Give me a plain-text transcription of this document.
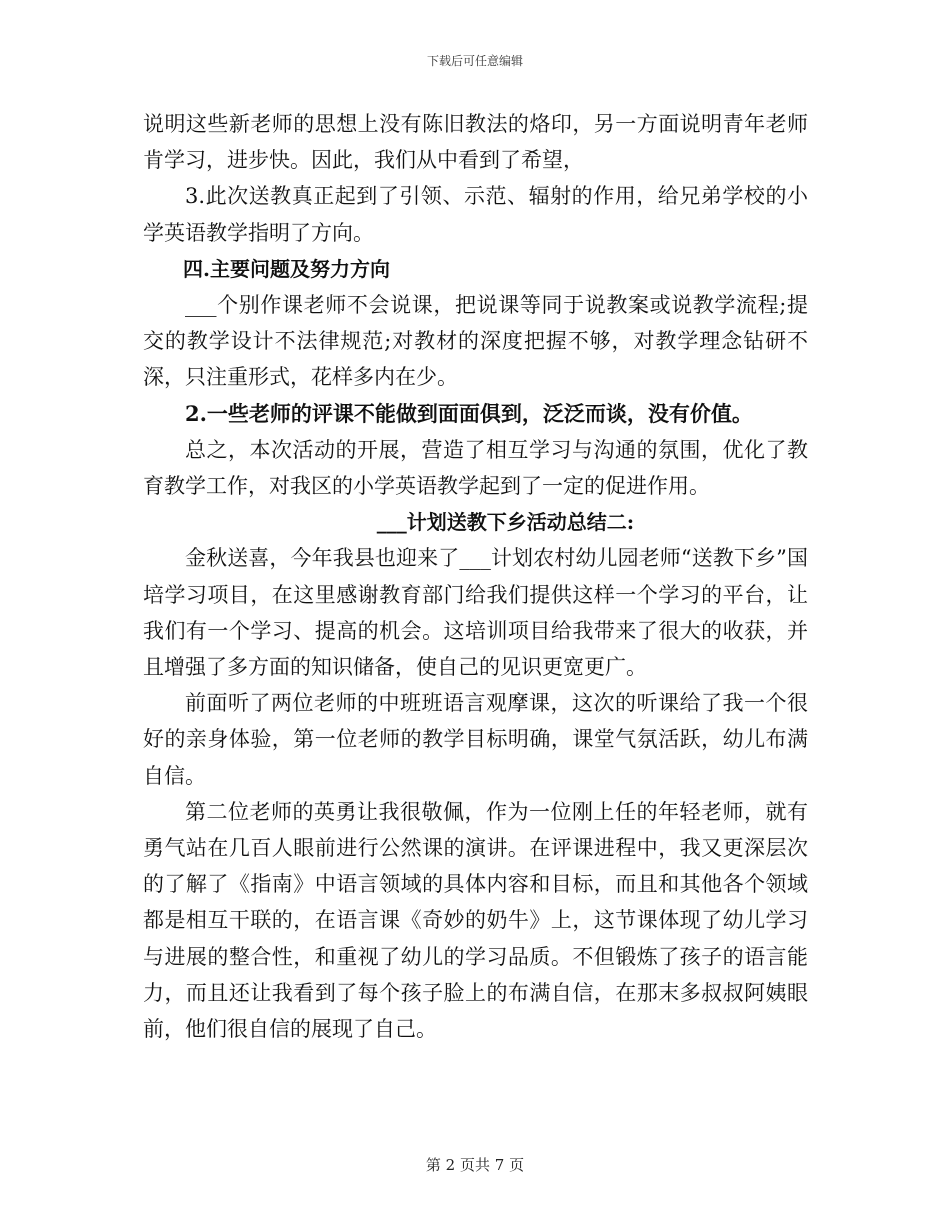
下载后可任意编辑

说明这些新老师的思想上没有陈旧教法的烙印，另一方面说明青年老师肯学习，进步快。因此，我们从中看到了希望，

3.此次送教真正起到了引领、示范、辐射的作用，给兄弟学校的小学英语教学指明了方向。

四.主要问题及努力方向

___个别作课老师不会说课，把说课等同于说教案或说教学流程;提交的教学设计不法律规范;对教材的深度把握不够，对教学理念钻研不深，只注重形式，花样多内在少。

2.一些老师的评课不能做到面面俱到，泛泛而谈，没有价值。

总之，本次活动的开展，营造了相互学习与沟通的氛围，优化了教育教学工作，对我区的小学英语教学起到了一定的促进作用。

___计划送教下乡活动总结二:

金秋送喜，今年我县也迎来了___计划农村幼儿园老师“送教下乡”国培学习项目，在这里感谢教育部门给我们提供这样一个学习的平台，让我们有一个学习、提高的机会。这培训项目给我带来了很大的收获，并且增强了多方面的知识储备，使自己的见识更宽更广。

前面听了两位老师的中班班语言观摩课，这次的听课给了我一个很好的亲身体验，第一位老师的教学目标明确，课堂气氛活跃，幼儿布满自信。

第二位老师的英勇让我很敬佩，作为一位刚上任的年轻老师，就有勇气站在几百人眼前进行公然课的演讲。在评课进程中，我又更深层次的了解了《指南》中语言领域的具体内容和目标，而且和其他各个领域都是相互干联的，在语言课《奇妙的奶牛》上，这节课体现了幼儿学习与进展的整合性，和重视了幼儿的学习品质。不但锻炼了孩子的语言能力，而且还让我看到了每个孩子脸上的布满自信，在那末多叔叔阿姨眼前，他们很自信的展现了自己。

第 2 页共 7 页
